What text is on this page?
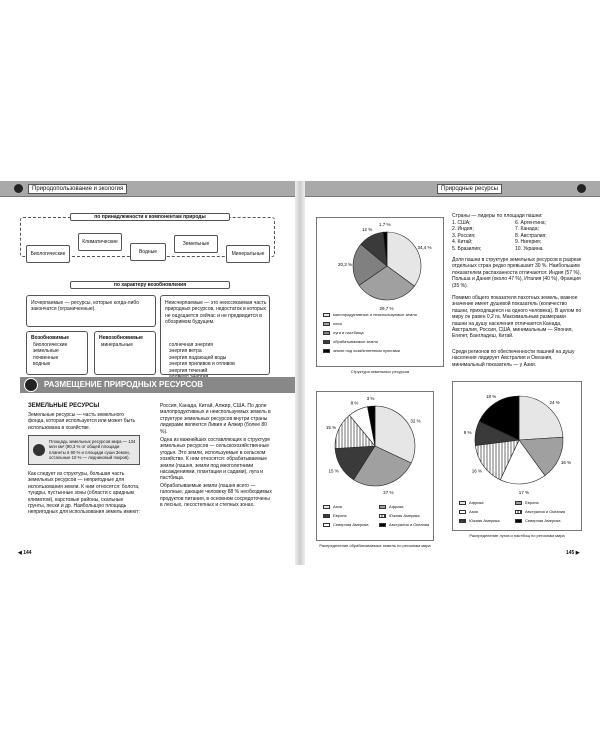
Природопользование и экология	Природные ресурсы
по принадлежности к компонентам природы
Биологические
Климатические
Водные
Земельные
Минеральные
по характеру возобновления
Исчерпаемые — ресурсы, которые когда-либо закончатся (ограниченные).
Неисчерпаемые — это неиссякаемая часть природных ресурсов, недостаток в которых не ощущается сейчас и не предвидится в обозримом будущем.
солнечная энергия
энергия ветра
энергия падающей воды
энергия приливов и отливов
энергия течений
Возобновимые
биологические
земельные
почвенные
водные
Невозобновимые
минеральные
РАЗМЕЩЕНИЕ ПРИРОДНЫХ РЕСУРСОВ
ЗЕМЕЛЬНЫЕ РЕСУРСЫ
Земельные ресурсы — часть земельного фонда, которая используется или может быть использована в хозяйстве.
Площадь земельных ресурсов мира — 134 млн км² (90,3 % от общей площади планеты в 90 % и площади суши Земли, остальные 10 % — ледниковый покров).
Как следует из структуры, большая часть земельных ресурсов — непригодные для использования земли. К ним относятся: болота, тундры, пустынные зоны (области с аридным климатом), карстовые районы, скальные грунты, пески и др. Наибольшую площадь непригодных для использования земель имеют:
Россия, Канада, Китай, Алжир, США. По доле малопродуктивных и неиспользуемых земель в структуре земельных ресурсов внутри страны лидерами являются Ливия и Алжир (более 80 %).
Одна из важнейших составляющих в структуре земельных ресурсов — сельскохозяйственные угодья. Это земли, используемые в сельском хозяйстве. К ним относятся: обрабатываемые земли (пашня, земли под многолетними насаждениями, плантации и садами), луга и пастбища.
Обрабатываемые земли (пашня всего — гаполные, дающие человеку 88 % необходимых продуктов питания, в основном сосредоточены в лесных, лесостепных и степных зонах.
◀ 144	145 ▶
34,4 %
29,7 %
20,3 %
12 %
1,7 %
малопродуктивные и неиспользуемые земли
леса
луга и пастбища
обрабатываемые земли
земли под хозяйственным пунктами
Структура земельных ресурсов
32 %
27 %
15 %
15 %
8 %
3 %
Азия	Африка
Европа	Южная Америка
Северная Америка	Австралия и Океания
Распределение обрабатываемых земель по регионам мира
24 %
16 %
17 %
16 %
9 %
18 %
Африка	Европа
Азия	Австралия и Океания
Южная Америка	Северная Америка
Распределение лугов и пастбищ по регионам мира
Страны — лидеры по площади пашни:
1. США;
2. Индия;
3. Россия;
4. Китай;
5. Бразилия;
6. Аргентина;
7. Канада;
8. Австралия;
9. Нигерия;
10. Украина.
Доля пашни в структуре земельных ресурсов в разрезе отдельных стран редко превышает 30 %. Наибольшим показателем распаханности отличаются: Индия (57 %), Польша и Дания (около 47 %), Италия (40 %), Франция (35 %).
Помимо общего показателя пахотных земель, важное значение имеет душевой показатель (количество пашни, приходящееся на одного человека). В целом по миру он равен 0,2 га. Максимальным размерами пашни на душу населения отличаются Канада, Австралия, Россия, США, минимальным — Япония, Египет, Бангладеш, Китай.
Среди регионов по обеспеченности пашней на душу населения лидирует Австралия и Океания, минимальный показатель — у Азии.
